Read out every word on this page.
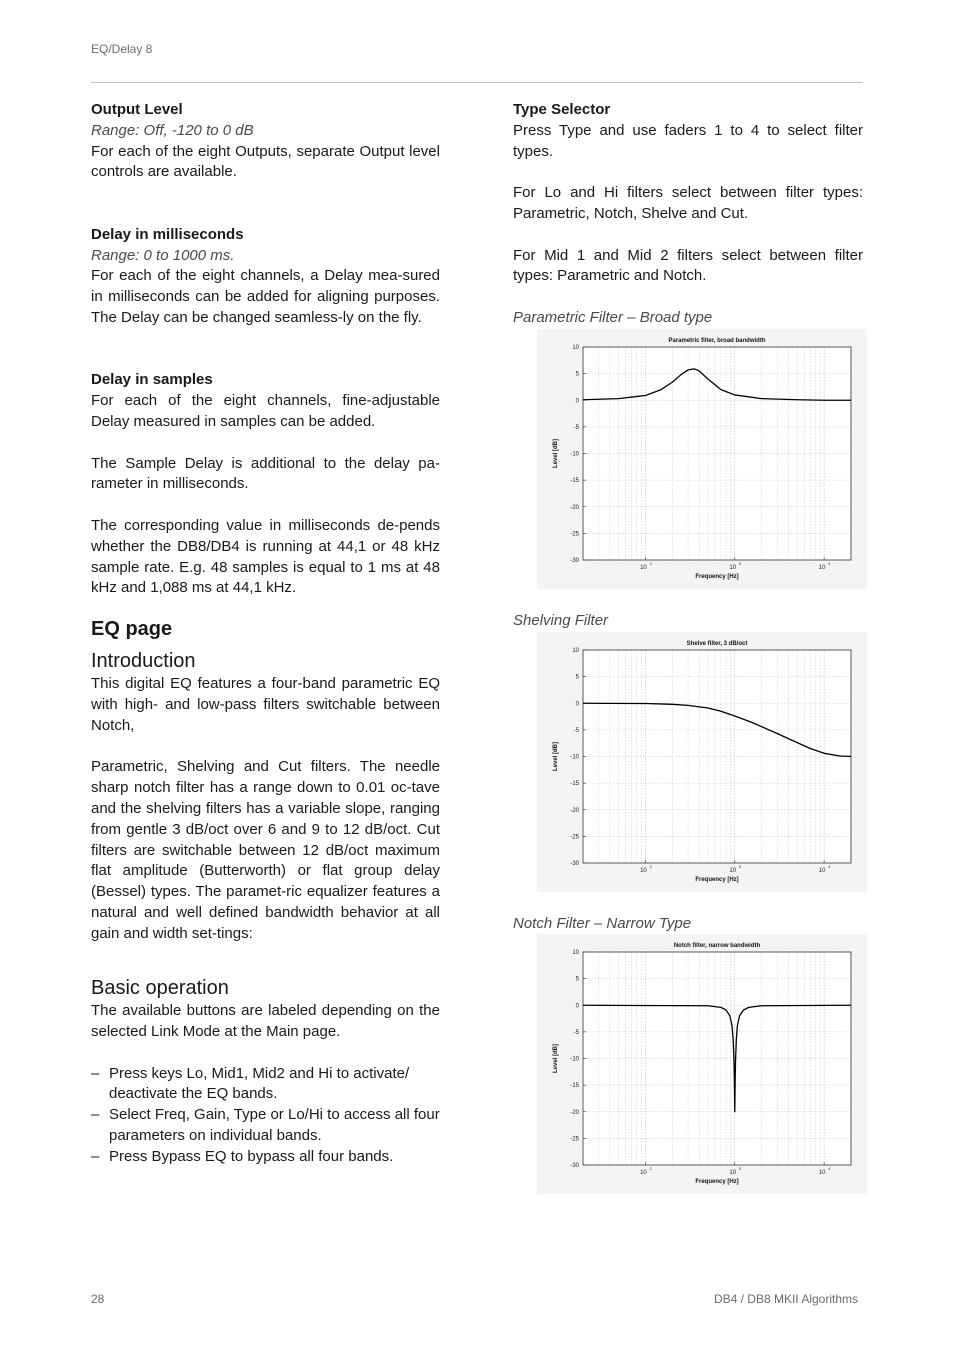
EQ/Delay 8

Output Level

Range: Off, -120 to 0 dB

For each of the eight Outputs, separate Output level controls are available.

Delay in milliseconds

Range: 0 to 1000 ms.

For each of the eight channels, a Delay mea-sured in milliseconds can be added for aligning purposes. The Delay can be changed seamless-ly on the fly.

Delay in samples

For each of the eight channels, fine-adjustable Delay measured in samples can be added.

The Sample Delay is additional to the delay pa-rameter in milliseconds.

The corresponding value in milliseconds de-pends whether the DB8/DB4 is running at 44,1 or 48 kHz sample rate. E.g. 48 samples is equal to 1 ms at 48 kHz and 1,088 ms at 44,1 kHz.

EQ page
Introduction

This digital EQ features a four-band parametric EQ with high- and low-pass filters switchable between Notch,

Parametric, Shelving and Cut filters. The needle sharp notch filter has a range down to 0.01 oc-tave and the shelving filters has a variable slope, ranging from gentle 3 dB/oct over 6 and 9 to 12 dB/oct. Cut filters are switchable between 12 dB/oct maximum flat amplitude (Butterworth) or flat group delay (Bessel) types. The paramet-ric equalizer features a natural and well defined bandwidth behavior at all gain and width set-tings:

Basic operation

The available buttons are labeled depending on the selected Link Mode at the Main page.

– Press keys Lo, Mid1, Mid2 and Hi to activate/ deactivate the EQ bands.
– Select Freq, Gain, Type or Lo/Hi to access all four parameters on individual bands.
– Press Bypass EQ to bypass all four bands.

Type Selector

Press Type and use faders 1 to 4 to select filter types.

For Lo and Hi filters select between filter types: Parametric, Notch, Shelve and Cut.

For Mid 1 and Mid 2 filters select between filter types: Parametric and Notch.

Parametric Filter – Broad type

10
5
0
-5
-10
-15
-20
-25
-30
10
2
10
3
10
4
Parametric filter, broad bandwidth
Frequency [Hz]
Level [dB]

Shelving Filter

10
5
0
-5
-10
-15
-20
-25
-30
10
2
10
3
10
4
Shelve filter, 3 dB/oct
Frequency [Hz]
Level [dB]

Notch Filter – Narrow Type

10
5
0
-5
-10
-15
-20
-25
-30
10
2
10
3
10
4
Notch filter, narrow bandwidth
Frequency [Hz]
Level [dB]
28	DB4 / DB8 MKII Algorithms
